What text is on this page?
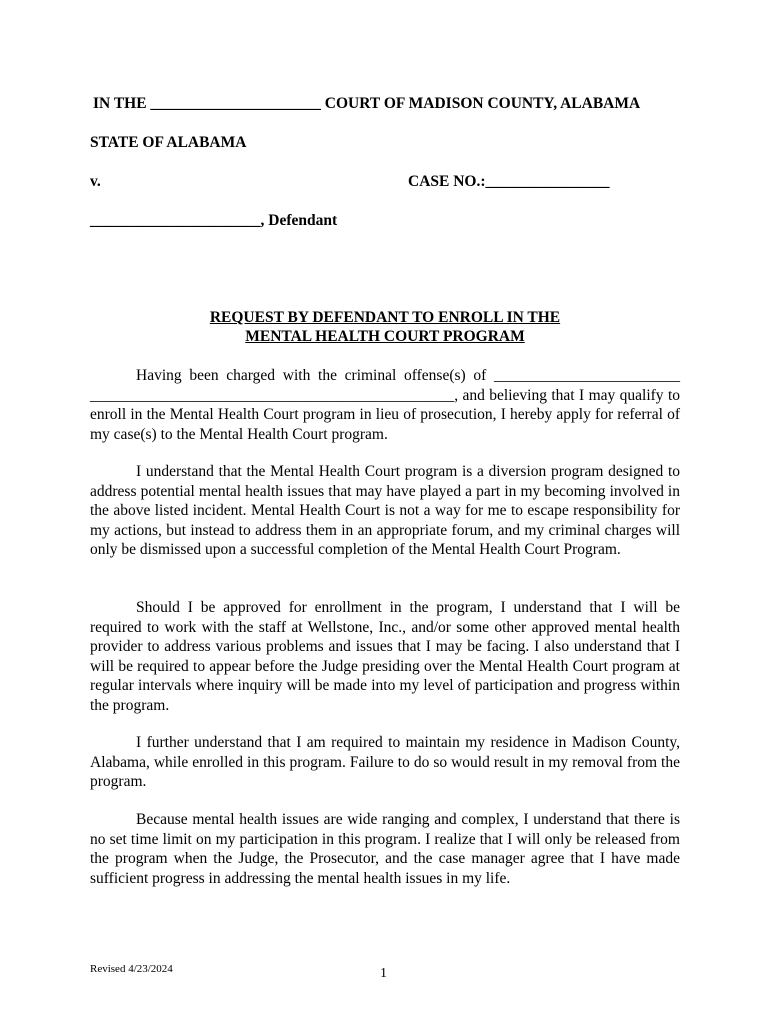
IN THE ______________________ COURT OF MADISON COUNTY, ALABAMA
STATE OF ALABAMA
v.	CASE NO.:________________
______________________, Defendant
REQUEST BY DEFENDANT TO ENROLL IN THE
MENTAL HEALTH COURT PROGRAM
Having been charged with the criminal offense(s) of ________________________
_______________________________________________, and believing that I may qualify to enroll in the Mental Health Court program in lieu of prosecution, I hereby apply for referral of my case(s) to the Mental Health Court program.

I understand that the Mental Health Court program is a diversion program designed to address potential mental health issues that may have played a part in my becoming involved in the above listed incident. Mental Health Court is not a way for me to escape responsibility for my actions, but instead to address them in an appropriate forum, and my criminal charges will only be dismissed upon a successful completion of the Mental Health Court Program.

Should I be approved for enrollment in the program, I understand that I will be required to work with the staff at Wellstone, Inc., and/or some other approved mental health provider to address various problems and issues that I may be facing. I also understand that I will be required to appear before the Judge presiding over the Mental Health Court program at regular intervals where inquiry will be made into my level of participation and progress within the program.

I further understand that I am required to maintain my residence in Madison County, Alabama, while enrolled in this program. Failure to do so would result in my removal from the program.

Because mental health issues are wide ranging and complex, I understand that there is no set time limit on my participation in this program. I realize that I will only be released from the program when the Judge, the Prosecutor, and the case manager agree that I have made sufficient progress in addressing the mental health issues in my life.

Revised 4/23/2024	1
